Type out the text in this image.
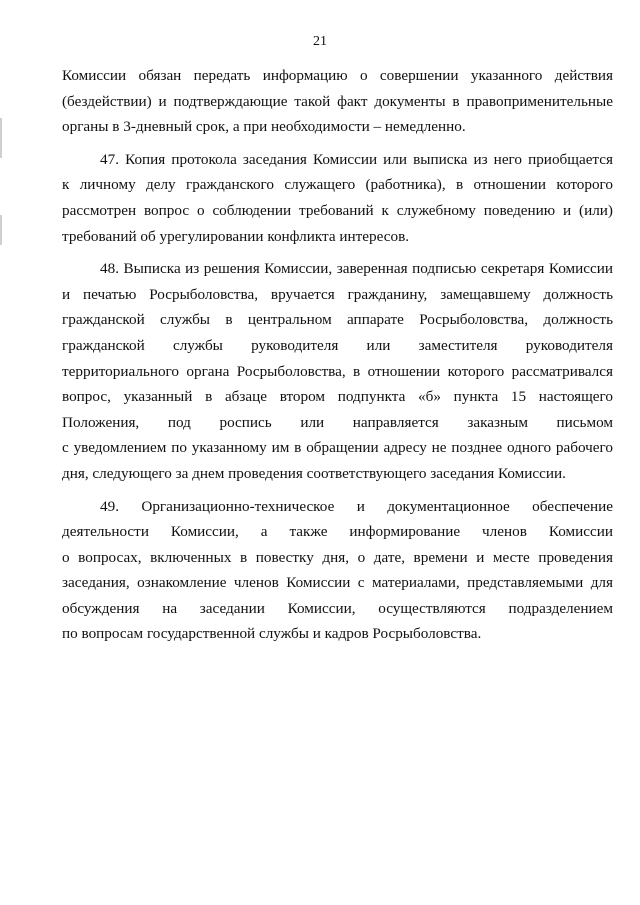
21
Комиссии обязан передать информацию о совершении указанного действия
(бездействии) и подтверждающие такой факт документы в правоприменительные
органы в 3-дневный срок, а при необходимости – немедленно.
47. Копия протокола заседания Комиссии или выписка из него приобщается
к личному делу гражданского служащего (работника), в отношении которого
рассмотрен вопрос о соблюдении требований к служебному поведению и (или)
требований об урегулировании конфликта интересов.
48. Выписка из решения Комиссии, заверенная подписью секретаря Комиссии
и печатью Росрыболовства, вручается гражданину, замещавшему должность
гражданской службы в центральном аппарате Росрыболовства, должность
гражданской службы руководителя или заместителя руководителя
территориального органа Росрыболовства, в отношении которого рассматривался
вопрос, указанный в абзаце втором подпункта «б» пункта 15 настоящего
Положения, под роспись или направляется заказным письмом
с уведомлением по указанному им в обращении адресу не позднее одного рабочего
дня, следующего за днем проведения соответствующего заседания Комиссии.
49. Организационно-техническое и документационное обеспечение
деятельности Комиссии, а также информирование членов Комиссии
о вопросах, включенных в повестку дня, о дате, времени и месте проведения
заседания, ознакомление членов Комиссии с материалами, представляемыми для
обсуждения на заседании Комиссии, осуществляются подразделением
по вопросам государственной службы и кадров Росрыболовства.
